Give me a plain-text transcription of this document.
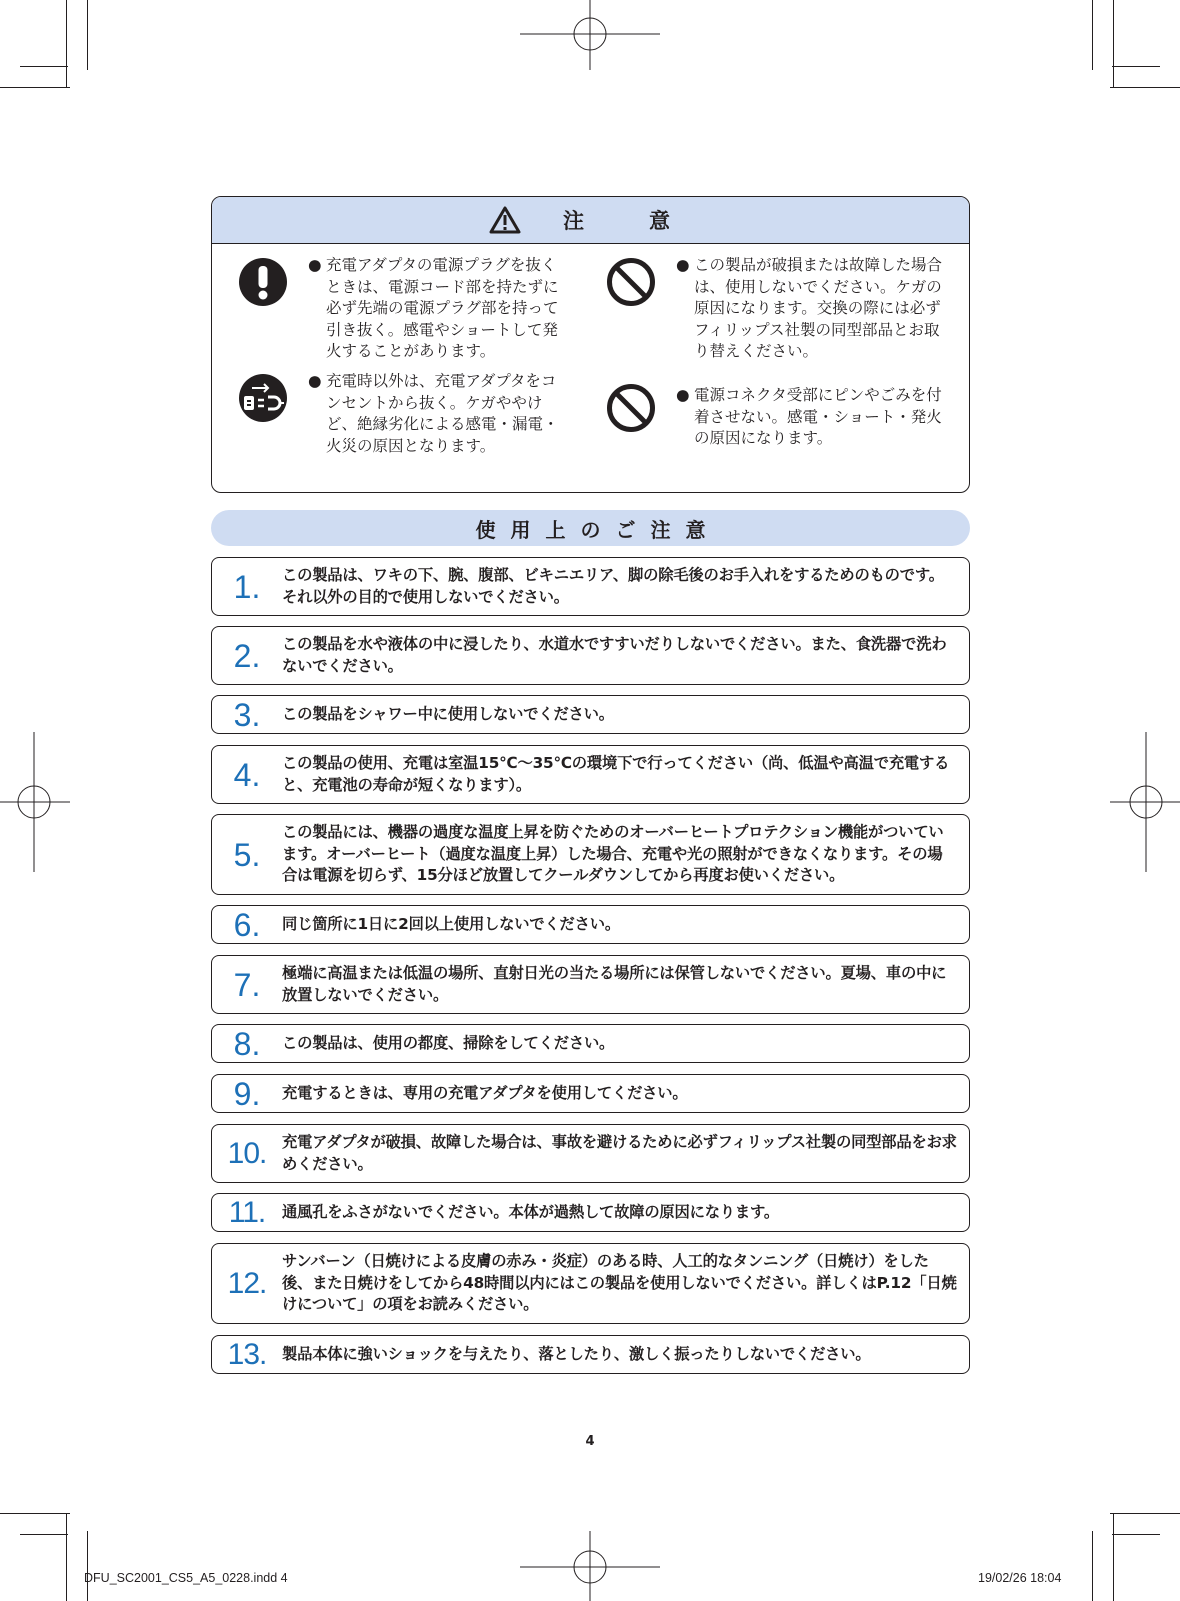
注　意
● 充電アダプタの電源プラグを抜くときは、電源コード部を持たずに必ず先端の電源プラグ部を持って引き抜く。感電やショートして発火することがあります。
● この製品が破損または故障した場合は、使用しないでください。ケガの原因になります。交換の際には必ずフィリップス社製の同型部品とお取り替えください。
● 充電時以外は、充電アダプタをコンセントから抜く。ケガややけど、絶縁劣化による感電・漏電・火災の原因となります。
● 電源コネクタ受部にピンやごみを付着させない。感電・ショート・発火の原因になります。
使用上のご注意
1.	この製品は、ワキの下、腕、腹部、ビキニエリア、脚の除毛後のお手入れをするためのものです。それ以外の目的で使用しないでください。
2.	この製品を水や液体の中に浸したり、水道水ですすいだりしないでください。また、食洗器で洗わないでください。
3.	この製品をシャワー中に使用しないでください。
4.	この製品の使用、充電は室温15℃～35℃の環境下で行ってください（尚、低温や高温で充電すると、充電池の寿命が短くなります）。
5.
この製品には、機器の過度な温度上昇を防ぐためのオーバーヒートプロテクション機能がついています。オーバーヒート（過度な温度上昇）した場合、充電や光の照射ができなくなります。その場合は電源を切らず、15分ほど放置してクールダウンしてから再度お使いください。
6.	同じ箇所に1日に2回以上使用しないでください。
7.	極端に高温または低温の場所、直射日光の当たる場所には保管しないでください。夏場、車の中に放置しないでください。
8.	この製品は、使用の都度、掃除をしてください。
9.	充電するときは、専用の充電アダプタを使用してください。
10.	充電アダプタが破損、故障した場合は、事故を避けるために必ずフィリップス社製の同型部品をお求めください。
11.	通風孔をふさがないでください。本体が過熱して故障の原因になります。
12.
サンバーン（日焼けによる皮膚の赤み・炎症）のある時、人工的なタンニング（日焼け）をした後、また日焼けをしてから48時間以内にはこの製品を使用しないでください。詳しくはP.12「日焼けについて」の項をお読みください。
13.	製品本体に強いショックを与えたり、落としたり、激しく振ったりしないでください。
4
DFU_SC2001_CS5_A5_0228.indd 4	19/02/26 18:04
